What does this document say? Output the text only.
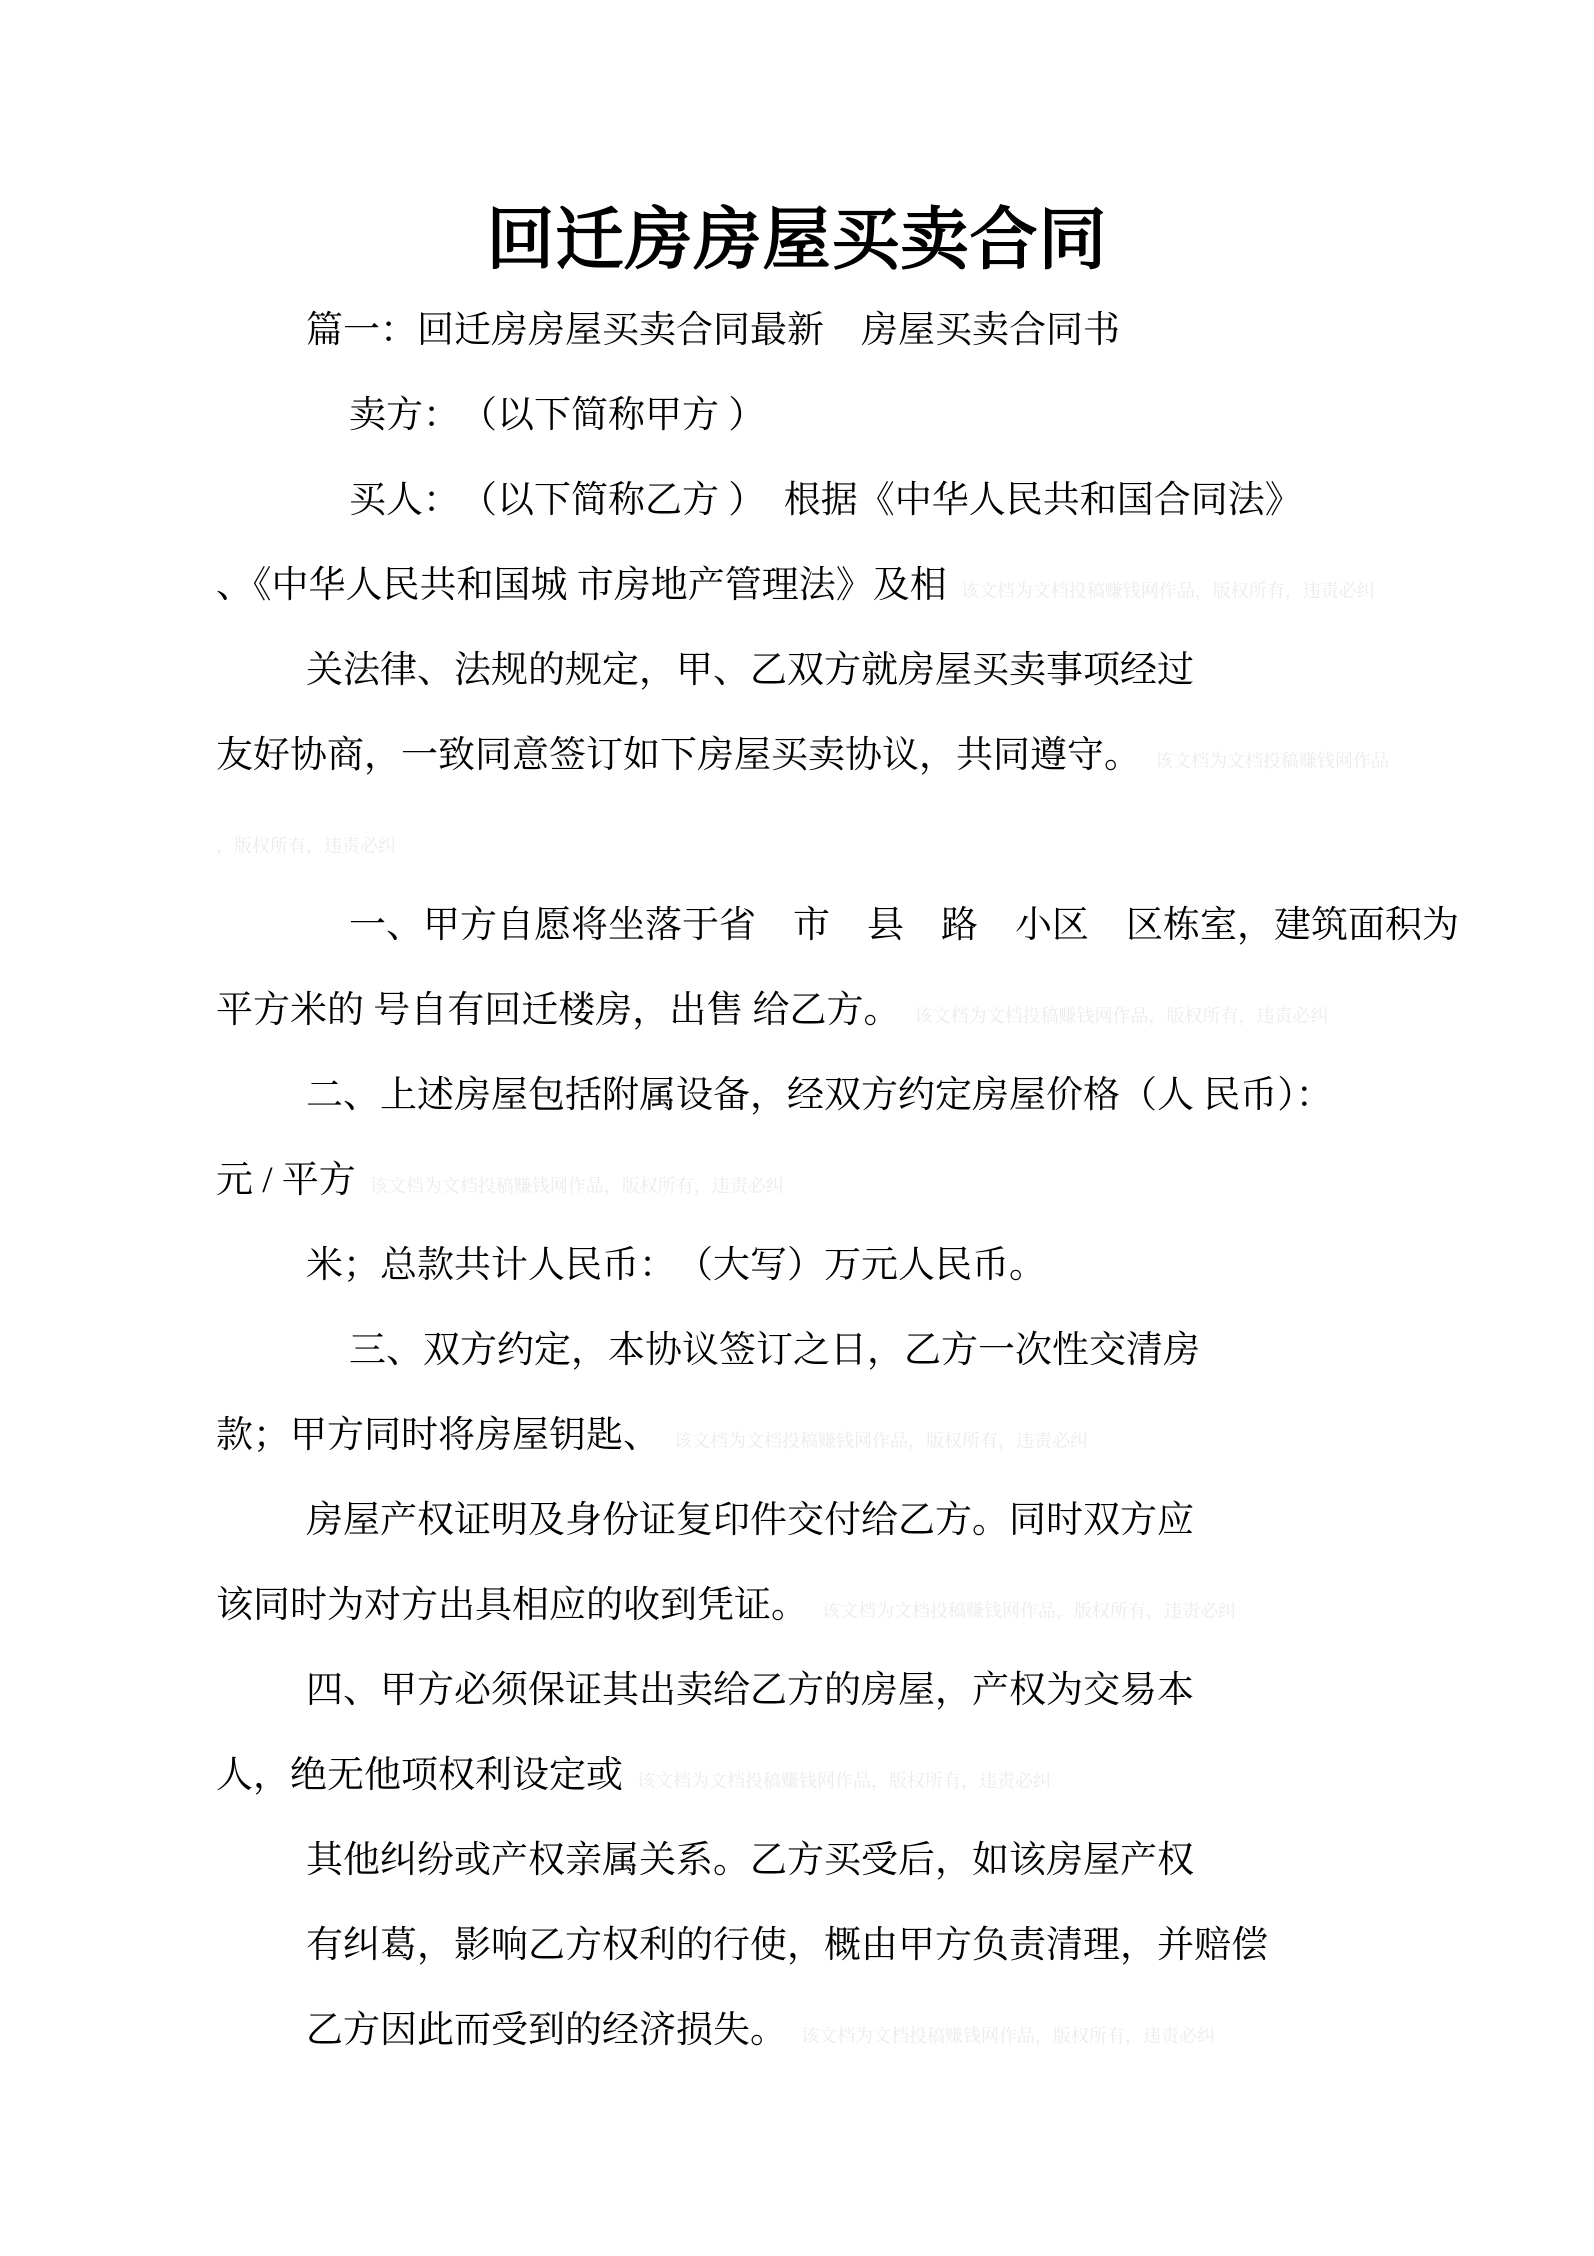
回迁房房屋买卖合同
篇一：回迁房房屋买卖合同最新　房屋买卖合同书
卖方：　（以下简称甲方 ）
买人：　（以下简称乙方 ）　根据《中华人民共和国合同法》
、《中华人民共和国城 市房地产管理法》及相 该文档为文档投稿赚钱网作品，版权所有，违责必纠
关法律、法规的规定，甲、乙双方就房屋买卖事项经过
友好协商，一致同意签订如下房屋买卖协议，共同遵守。 该文档为文档投稿赚钱网作品
，版权所有，违责必纠
一、甲方自愿将坐落于省　市　县　路　小区　区栋室，建筑面积为
平方米的 号自有回迁楼房，出售 给乙方。 该文档为文档投稿赚钱网作品，版权所有，违责必纠
二、上述房屋包括附属设备，经双方约定房屋价格（人 民币）：
元 / 平方 该文档为文档投稿赚钱网作品，版权所有，违责必纠
米；总款共计人民币：　（大写）万元人民币。
三、双方约定，本协议签订之日，乙方一次性交清房
款；甲方同时将房屋钥匙、 该文档为文档投稿赚钱网作品，版权所有，违责必纠
房屋产权证明及身份证复印件交付给乙方。同时双方应
该同时为对方出具相应的收到凭证。 该文档为文档投稿赚钱网作品，版权所有，违责必纠
四、甲方必须保证其出卖给乙方的房屋，产权为交易本
人，绝无他项权利设定或 该文档为文档投稿赚钱网作品，版权所有，违责必纠
其他纠纷或产权亲属关系。乙方买受后，如该房屋产权
有纠葛，影响乙方权利的行使，概由甲方负责清理，并赔偿
乙方因此而受到的经济损失。 该文档为文档投稿赚钱网作品，版权所有，违责必纠
